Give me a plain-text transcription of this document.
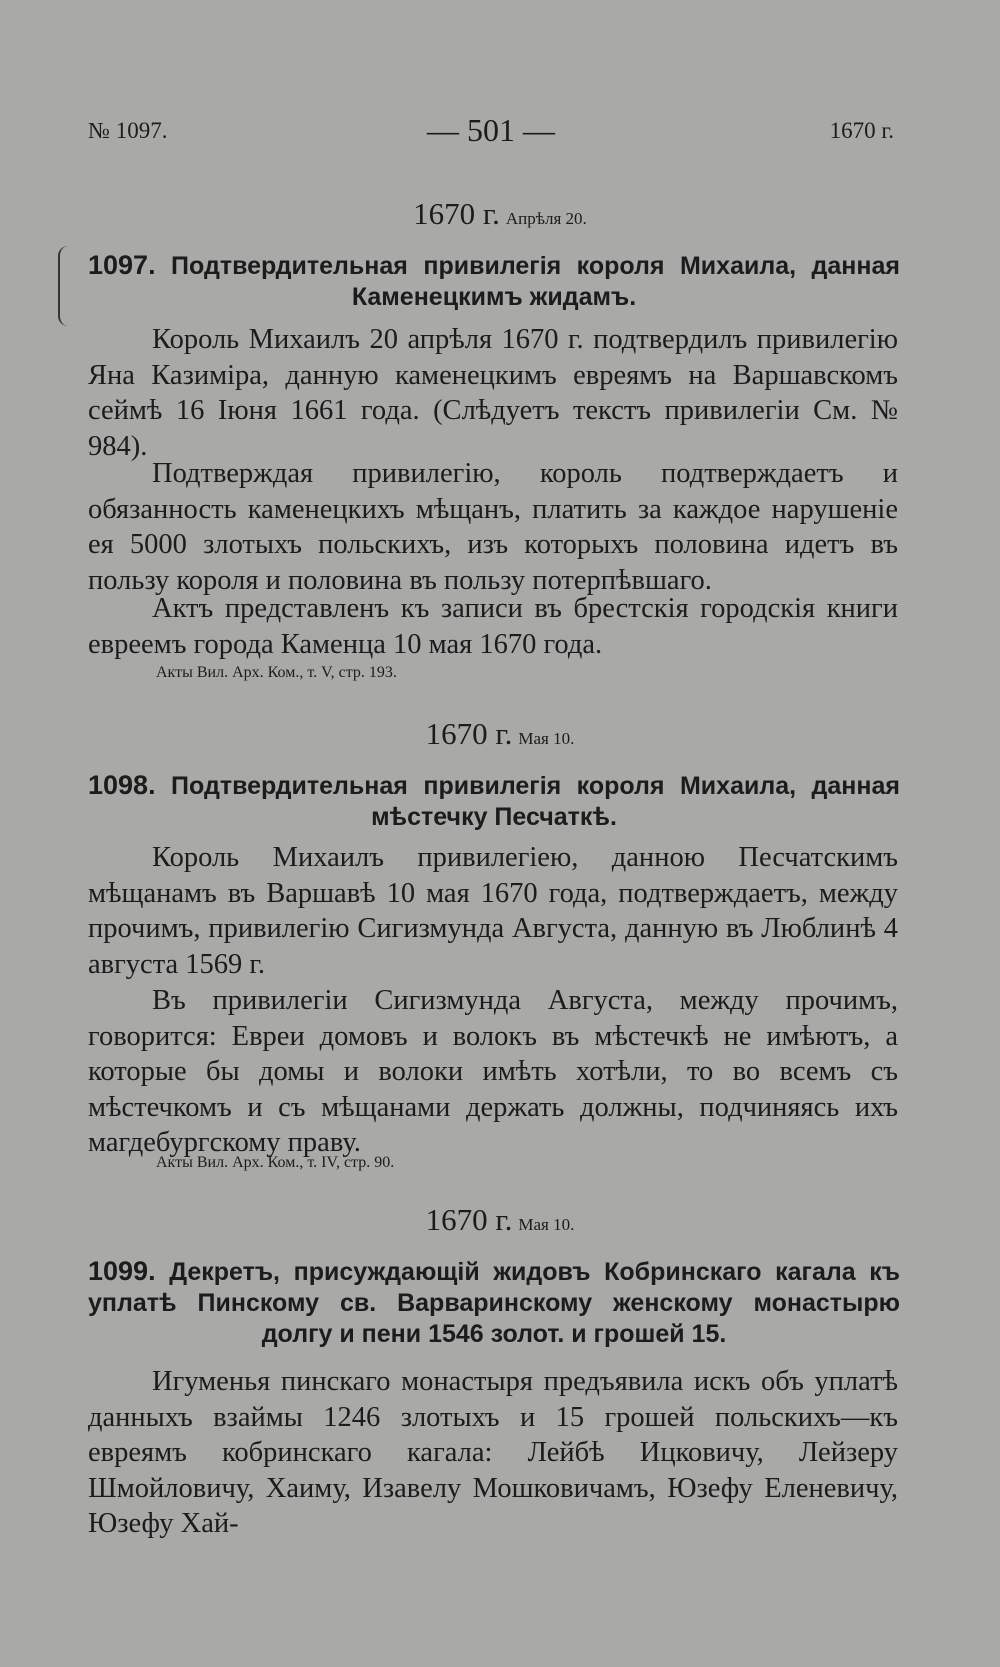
№ 1097.	— 501 —	1670 г.
1670 г. Апрѣля 20.
1097. Подтвердительная привилегія короля Михаила, данная Каменецкимъ жидамъ.

Король Михаилъ 20 апрѣля 1670 г. подтвердилъ привилегію Яна Казиміра, данную каменецкимъ евреямъ на Варшавскомъ сеймѣ 16 Іюня 1661 года. (Слѣдуетъ текстъ привилегіи См. № 984).

Подтверждая привилегію, король подтверждаетъ и обязанность каменецкихъ мѣщанъ, платить за каждое нарушеніе ея 5000 злотыхъ польскихъ, изъ которыхъ половина идетъ въ пользу короля и половина въ пользу потерпѣвшаго.

Актъ представленъ къ записи въ брестскія городскія книги евреемъ города Каменца 10 мая 1670 года.

Акты Вил. Арх. Ком., т. V, стр. 193.
1670 г. Мая 10.
1098. Подтвердительная привилегія короля Михаила, данная мѣстечку Песчаткѣ.

Король Михаилъ привилегіею, данною Песчатскимъ мѣщанамъ въ Варшавѣ 10 мая 1670 года, подтверждаетъ, между прочимъ, привилегію Сигизмунда Августа, данную въ Люблинѣ 4 августа 1569 г.

Въ привилегіи Сигизмунда Августа, между прочимъ, говорится: Евреи домовъ и волокъ въ мѣстечкѣ не имѣютъ, а которые бы домы и волоки имѣть хотѣли, то во всемъ съ мѣстечкомъ и съ мѣщанами держать должны, подчиняясь ихъ магдебургскому праву.

Акты Вил. Арх. Ком., т. IV, стр. 90.
1670 г. Мая 10.
1099. Декретъ, присуждающій жидовъ Кобринскаго кагала къ уплатѣ Пинскому св. Варваринскому женскому монастырю долгу и пени 1546 золот. и грошей 15.

Игуменья пинскаго монастыря предъявила искъ объ уплатѣ данныхъ взаймы 1246 злотыхъ и 15 грошей польскихъ—къ евреямъ кобринскаго кагала: Лейбѣ Ицковичу, Лейзеру Шмойловичу, Хаиму, Изавелу Мошковичамъ, Юзефу Еленевичу, Юзефу Хай-
